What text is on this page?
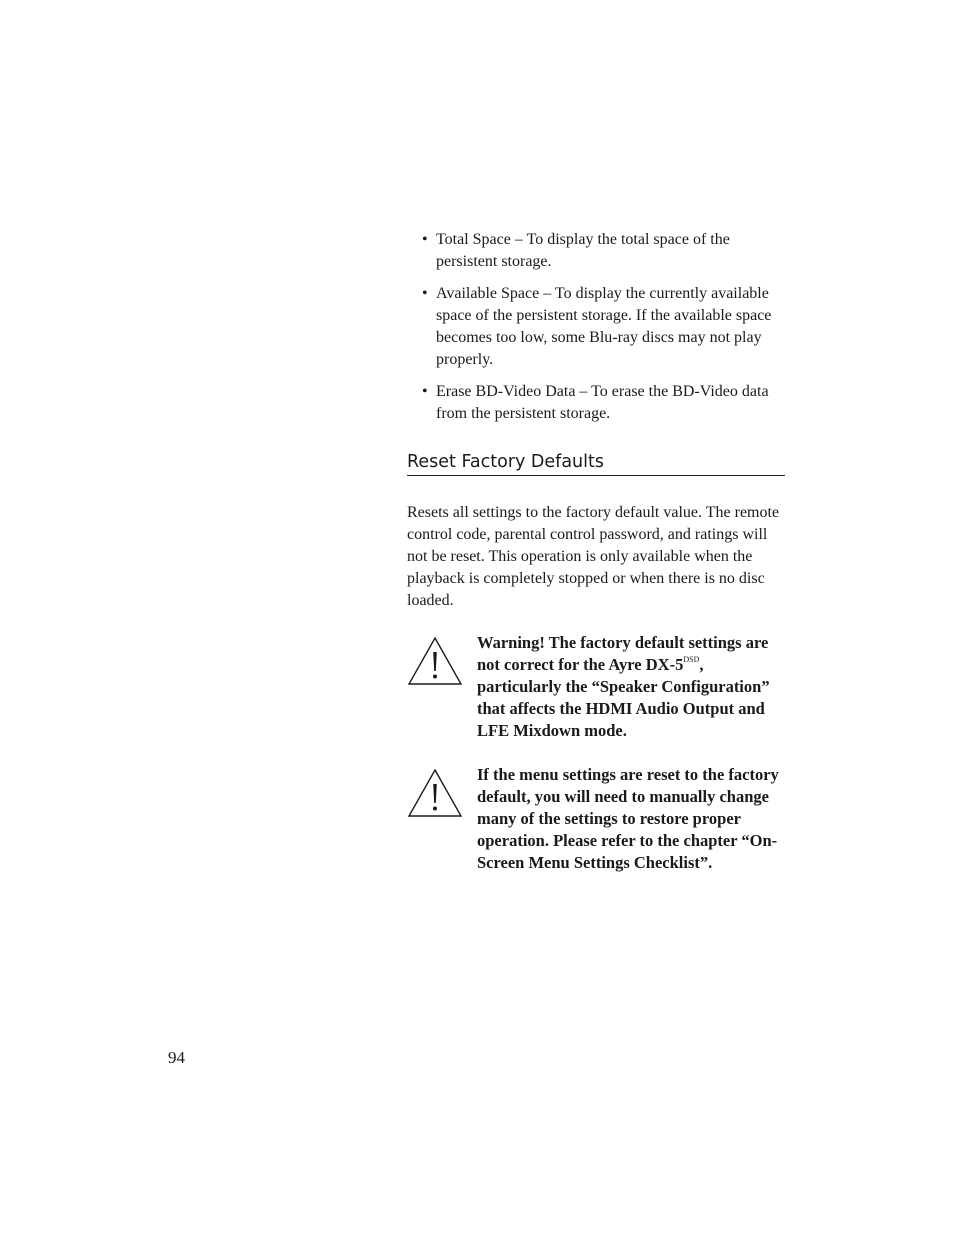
• Total Space – To display the total space of the persistent storage.
• Available Space – To display the currently available space of the persistent storage. If the available space becomes too low, some Blu-ray discs may not play properly.
• Erase BD-Video Data – To erase the BD-Video data from the persistent storage.
Reset Factory Defaults

Resets all settings to the factory default value. The remote control code, parental control password, and ratings will not be reset. This operation is only available when the playback is completely stopped or when there is no disc loaded.

Warning! The factory default settings are not correct for the Ayre $DX-5^{DSD}$, particularly the “Speaker Configuration” that affects the HDMI Audio Output and LFE Mixdown mode.
If the menu settings are reset to the factory default, you will need to manually change many of the settings to restore proper operation. Please refer to the chapter “On-Screen Menu Settings Checklist”.
94
